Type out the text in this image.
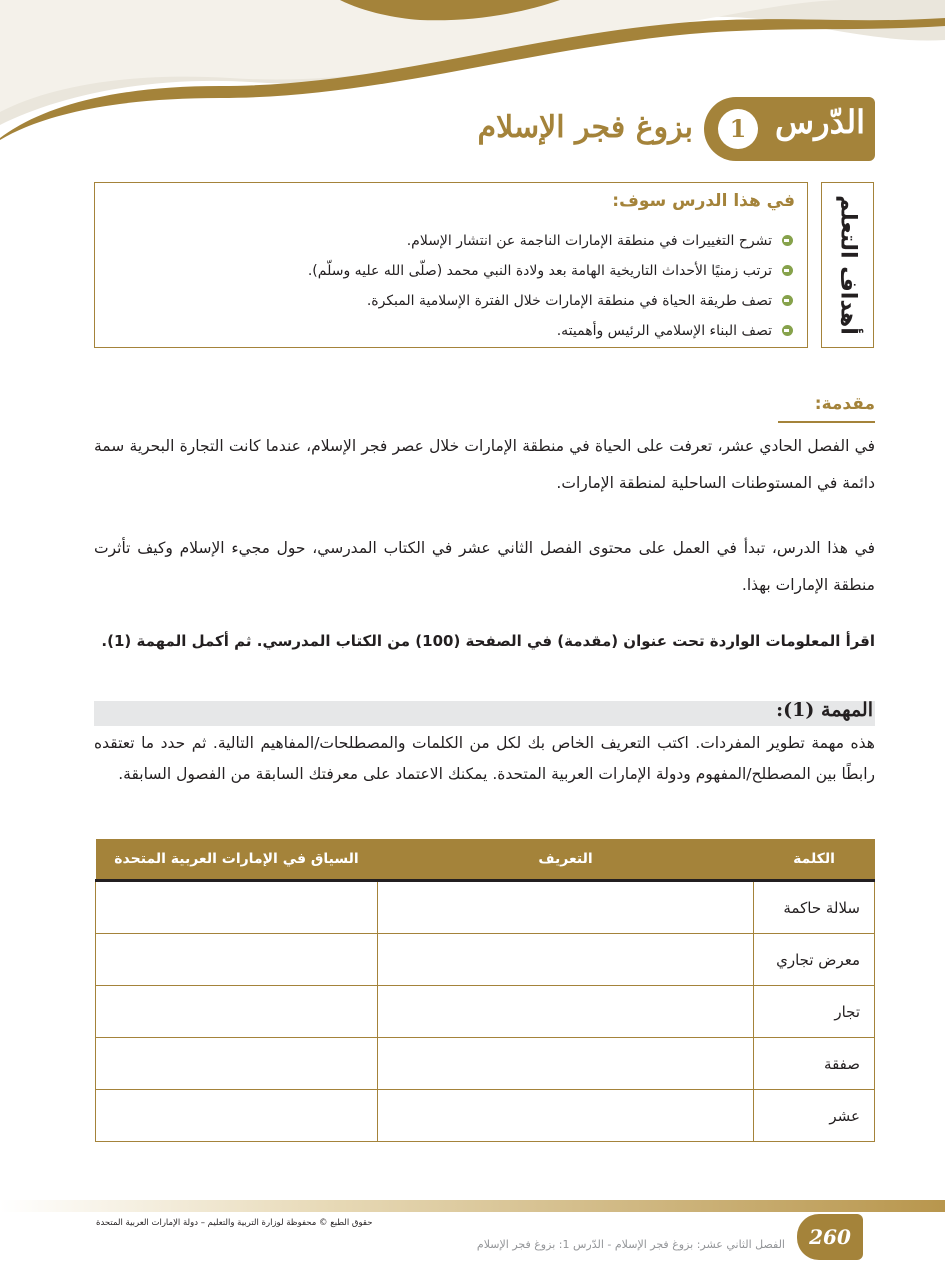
الدّرس
1
بزوغ فجر الإسلام
أهداف التعلم
في هذا الدرس سوف:
تشرح التغييرات في منطقة الإمارات الناجمة عن انتشار الإسلام.
ترتب زمنيًا الأحداث التاريخية الهامة بعد ولادة النبي محمد (صلّى الله عليه وسلّم).
تصف طريقة الحياة في منطقة الإمارات خلال الفترة الإسلامية المبكرة.
تصف البناء الإسلامي الرئيس وأهميته.
مقدمة:
في الفصل الحادي عشر، تعرفت على الحياة في منطقة الإمارات خلال عصر فجر الإسلام، عندما كانت التجارة البحرية سمة دائمة في المستوطنات الساحلية لمنطقة الإمارات.
في هذا الدرس، تبدأ في العمل على محتوى الفصل الثاني عشر في الكتاب المدرسي، حول مجيء الإسلام وكيف تأثرت منطقة الإمارات بهذا.
اقرأ المعلومات الواردة تحت عنوان (مقدمة) في الصفحة (100) من الكتاب المدرسي. ثم أكمل المهمة (1).
المهمة (1):
هذه مهمة تطوير المفردات. اكتب التعريف الخاص بك لكل من الكلمات والمصطلحات/المفاهيم التالية. ثم حدد ما تعتقده رابطًا بين المصطلح/المفهوم ودولة الإمارات العربية المتحدة. يمكنك الاعتماد على معرفتك السابقة من الفصول السابقة.
الكلمة	التعريف	السياق في الإمارات العربية المتحدة
سلالة حاكمة		
معرض تجاري		
تجار		
صفقة		
عشر		
260
حقوق الطبع © محفوظة لوزارة التربية والتعليم – دولة الإمارات العربية المتحدة
الفصل الثاني عشر: بزوغ فجر الإسلام - الدّرس 1: بزوغ فجر الإسلام
